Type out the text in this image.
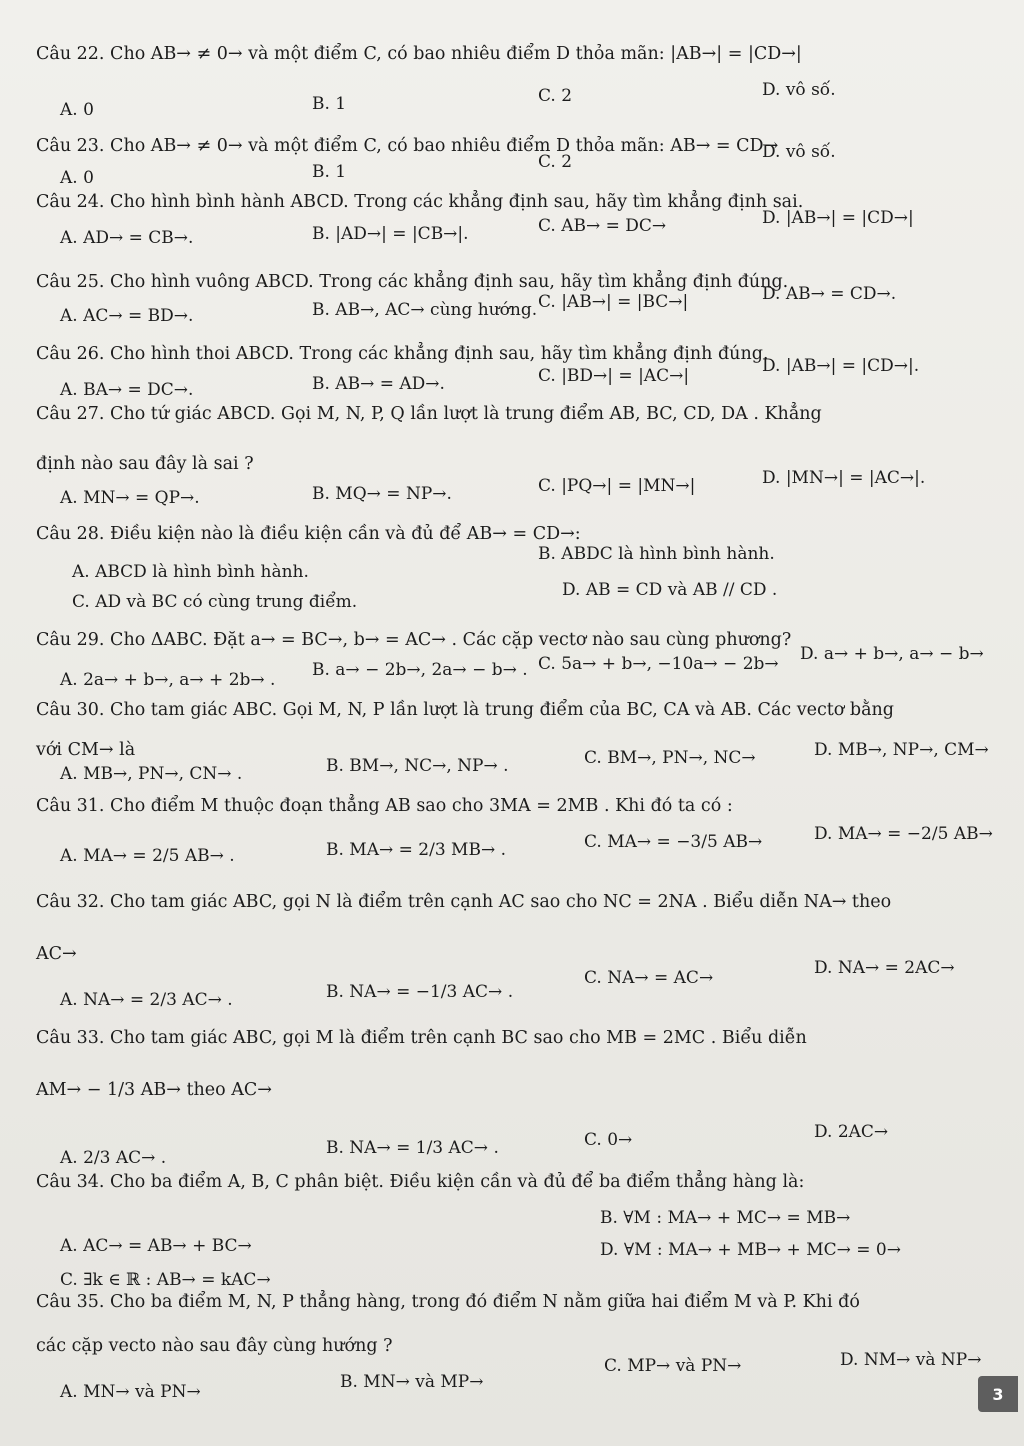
Câu 22. Cho AB→ ≠ 0→ và một điểm C, có bao nhiêu điểm D thỏa mãn: |AB→| = |CD→|
A. 0	B. 1	C. 2	D. vô số.
Câu 23. Cho AB→ ≠ 0→ và một điểm C, có bao nhiêu điểm D thỏa mãn: AB→ = CD→
A. 0	B. 1	C. 2	D. vô số.
Câu 24. Cho hình bình hành ABCD. Trong các khẳng định sau, hãy tìm khẳng định sai.
A. AD→ = CB→.	B. |AD→| = |CB→|.	C. AB→ = DC→	D. |AB→| = |CD→|
Câu 25. Cho hình vuông ABCD. Trong các khẳng định sau, hãy tìm khẳng định đúng.
A. AC→ = BD→.	B. AB→, AC→ cùng hướng. C. |AB→| = |BC→|	D. AB→ = CD→.
Câu 26. Cho hình thoi ABCD. Trong các khẳng định sau, hãy tìm khẳng định đúng.
A. BA→ = DC→.	B. AB→ = AD→.	C. |BD→| = |AC→|	D. |AB→| = |CD→|.
Câu 27. Cho tứ giác ABCD. Gọi M, N, P, Q lần lượt là trung điểm AB, BC, CD, DA . Khẳng
định nào sau đây là sai ?
A. MN→ = QP→.	B. MQ→ = NP→.	C. |PQ→| = |MN→|	D. |MN→| = |AC→|.
Câu 28. Điều kiện nào là điều kiện cần và đủ để AB→ = CD→:
A. ABCD là hình bình hành.
B. ABDC là hình bình hành.
C. AD và BC có cùng trung điểm.
D. AB = CD và AB // CD .
Câu 29. Cho ΔABC. Đặt a→ = BC→, b→ = AC→ . Các cặp vectơ nào sau cùng phương?
A. 2a→ + b→, a→ + 2b→ . B. a→ − 2b→, 2a→ − b→ . C. 5a→ + b→, −10a→ − 2b→ D. a→ + b→, a→ − b→
Câu 30. Cho tam giác ABC. Gọi M, N, P lần lượt là trung điểm của BC, CA và AB. Các vectơ bằng
với CM→ là
A. MB→, PN→, CN→ .	B. BM→, NC→, NP→ .	C. BM→, PN→, NC→	D. MB→, NP→, CM→
Câu 31. Cho điểm M thuộc đoạn thẳng AB sao cho 3MA = 2MB . Khi đó ta có :
A. MA→ = 2/5 AB→ .	B. MA→ = 2/3 MB→ .	C. MA→ = −3/5 AB→	D. MA→ = −2/5 AB→
Câu 32. Cho tam giác ABC, gọi N là điểm trên cạnh AC sao cho NC = 2NA . Biểu diễn NA→ theo
AC→
A. NA→ = 2/3 AC→ .	B. NA→ = −1/3 AC→ .
C. NA→ = AC→	D. NA→ = 2AC→
Câu 33. Cho tam giác ABC, gọi M là điểm trên cạnh BC sao cho MB = 2MC . Biểu diễn
AM→ − 1/3 AB→ theo AC→
A. 2/3 AC→ .	B. NA→ = 1/3 AC→ .	C. 0→	D. 2AC→
Câu 34. Cho ba điểm A, B, C phân biệt. Điều kiện cần và đủ để ba điểm thẳng hàng là:
A. AC→ = AB→ + BC→
B. ∀M : MA→ + MC→ = MB→
C. ∃k ∈ ℝ : AB→ = kAC→
D. ∀M : MA→ + MB→ + MC→ = 0→
Câu 35. Cho ba điểm M, N, P thẳng hàng, trong đó điểm N nằm giữa hai điểm M và P. Khi đó
các cặp vecto nào sau đây cùng hướng ?
A. MN→ và PN→	B. MN→ và MP→
C. MP→ và PN→	D. NM→ và NP→
3
